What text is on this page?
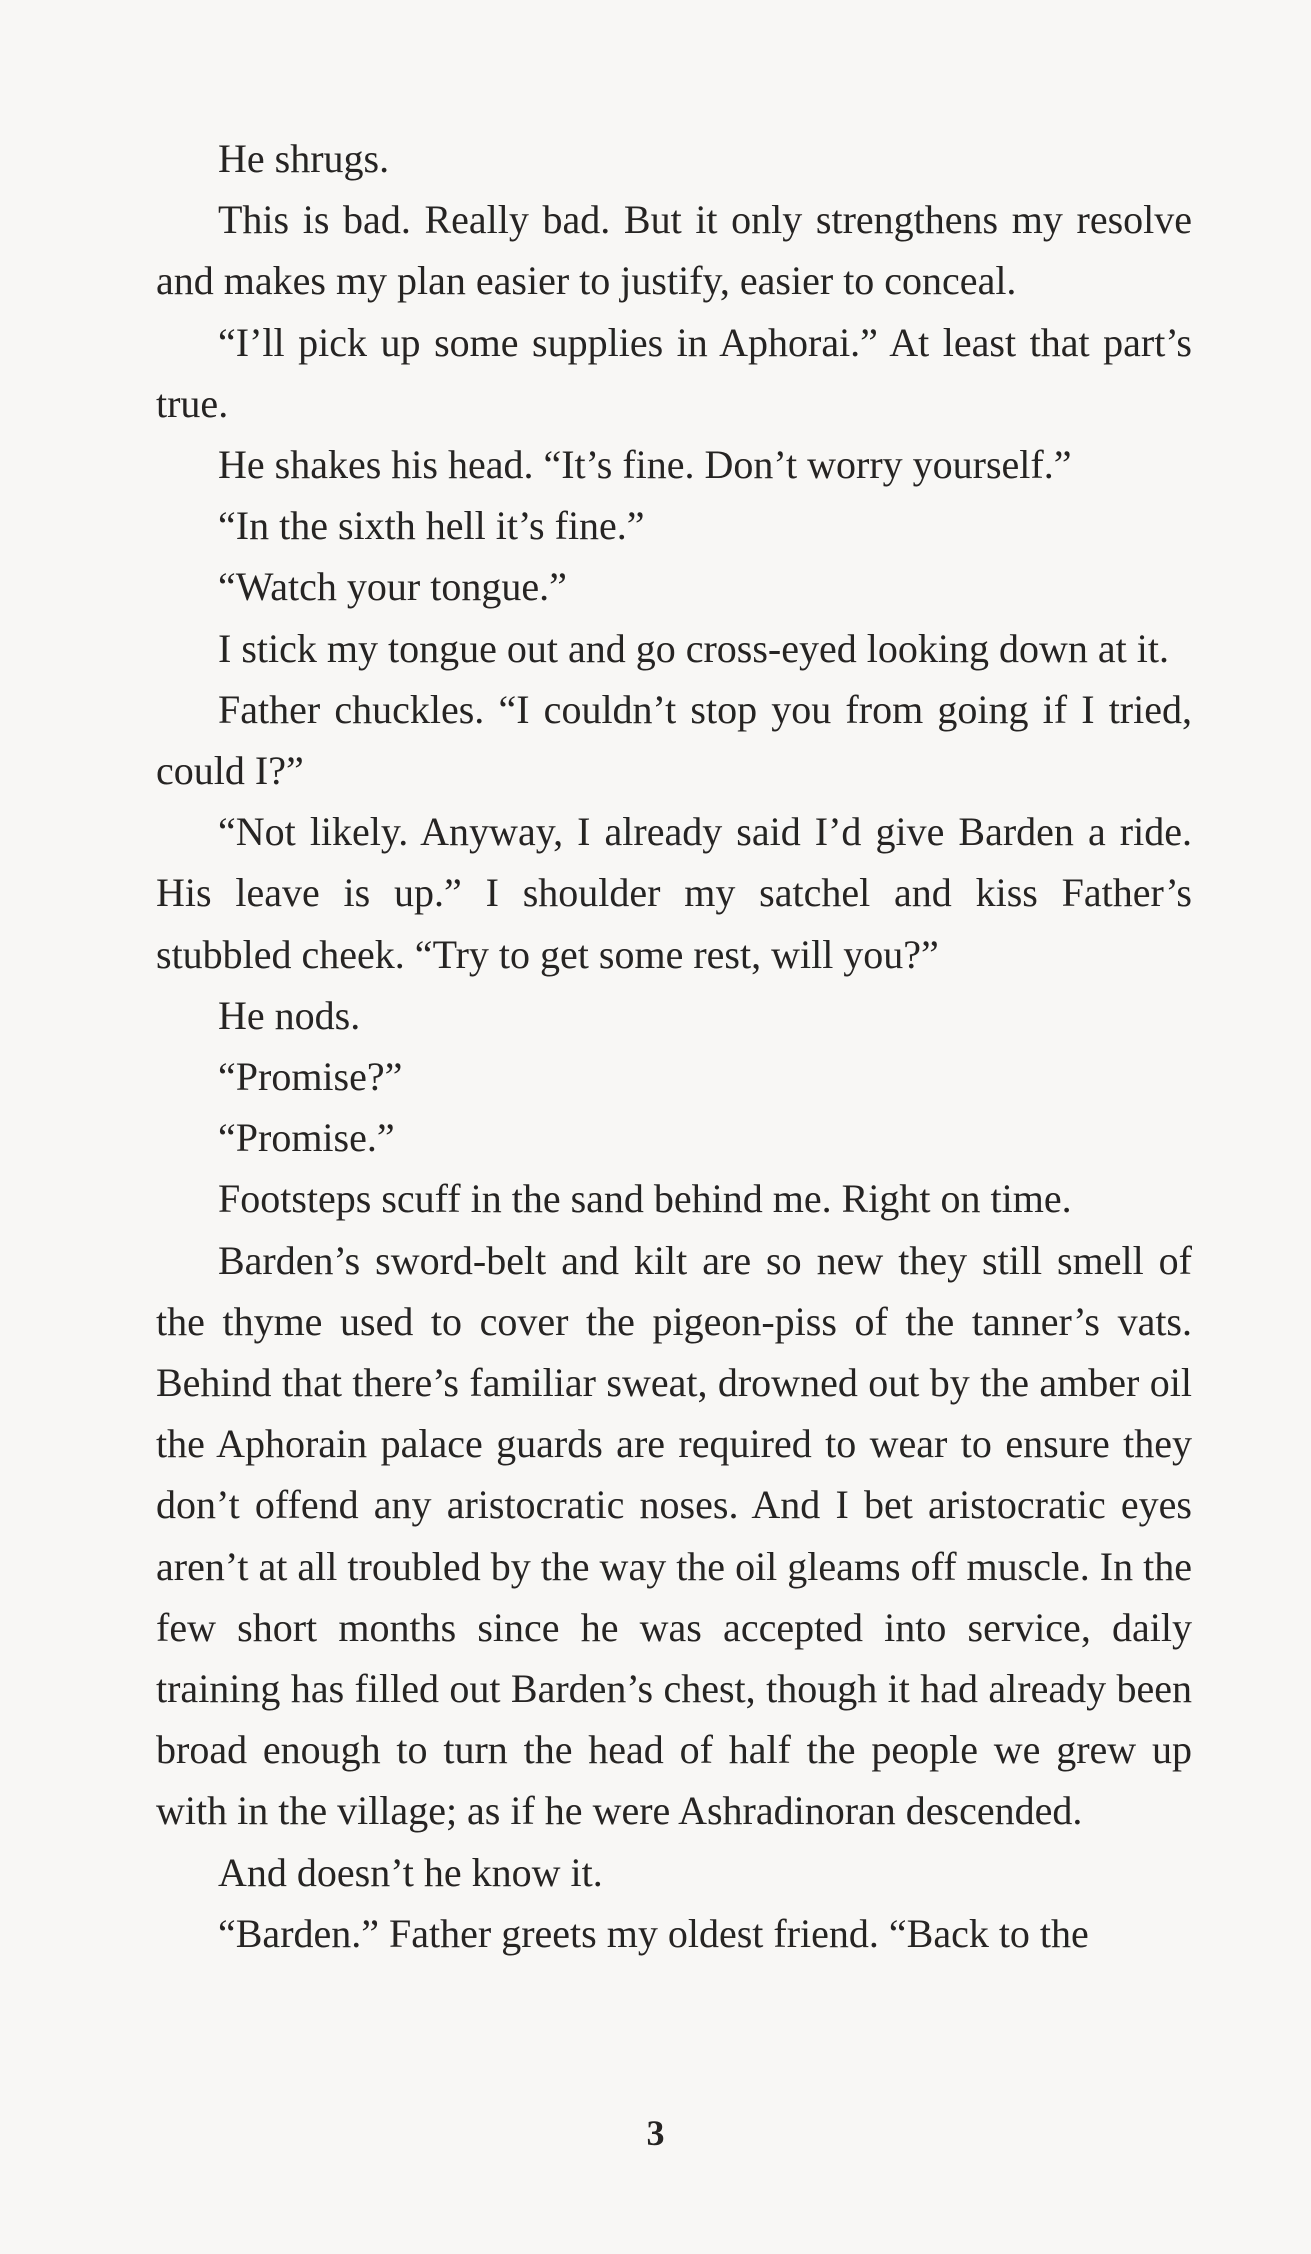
He shrugs.

This is bad. Really bad. But it only strengthens my resolve and makes my plan easier to justify, easier to conceal.

“I’ll pick up some supplies in Aphorai.” At least that part’s true.

He shakes his head. “It’s fine. Don’t worry yourself.”

“In the sixth hell it’s fine.”

“Watch your tongue.”

I stick my tongue out and go cross-eyed looking down at it.

Father chuckles. “I couldn’t stop you from going if I tried, could I?”

“Not likely. Anyway, I already said I’d give Barden a ride. His leave is up.” I shoulder my satchel and kiss Father’s stubbled cheek. “Try to get some rest, will you?”

He nods.

“Promise?”

“Promise.”

Footsteps scuff in the sand behind me. Right on time.

Barden’s sword-belt and kilt are so new they still smell of the thyme used to cover the pigeon-piss of the tanner’s vats. Behind that there’s familiar sweat, drowned out by the amber oil the Aphorain palace guards are required to wear to ensure they don’t offend any aristocratic noses. And I bet aristocratic eyes aren’t at all troubled by the way the oil gleams off muscle. In the few short months since he was accepted into service, daily training has filled out Barden’s chest, though it had already been broad enough to turn the head of half the people we grew up with in the village; as if he were Ashradinoran descended.

And doesn’t he know it.

“Barden.” Father greets my oldest friend. “Back to the

3
